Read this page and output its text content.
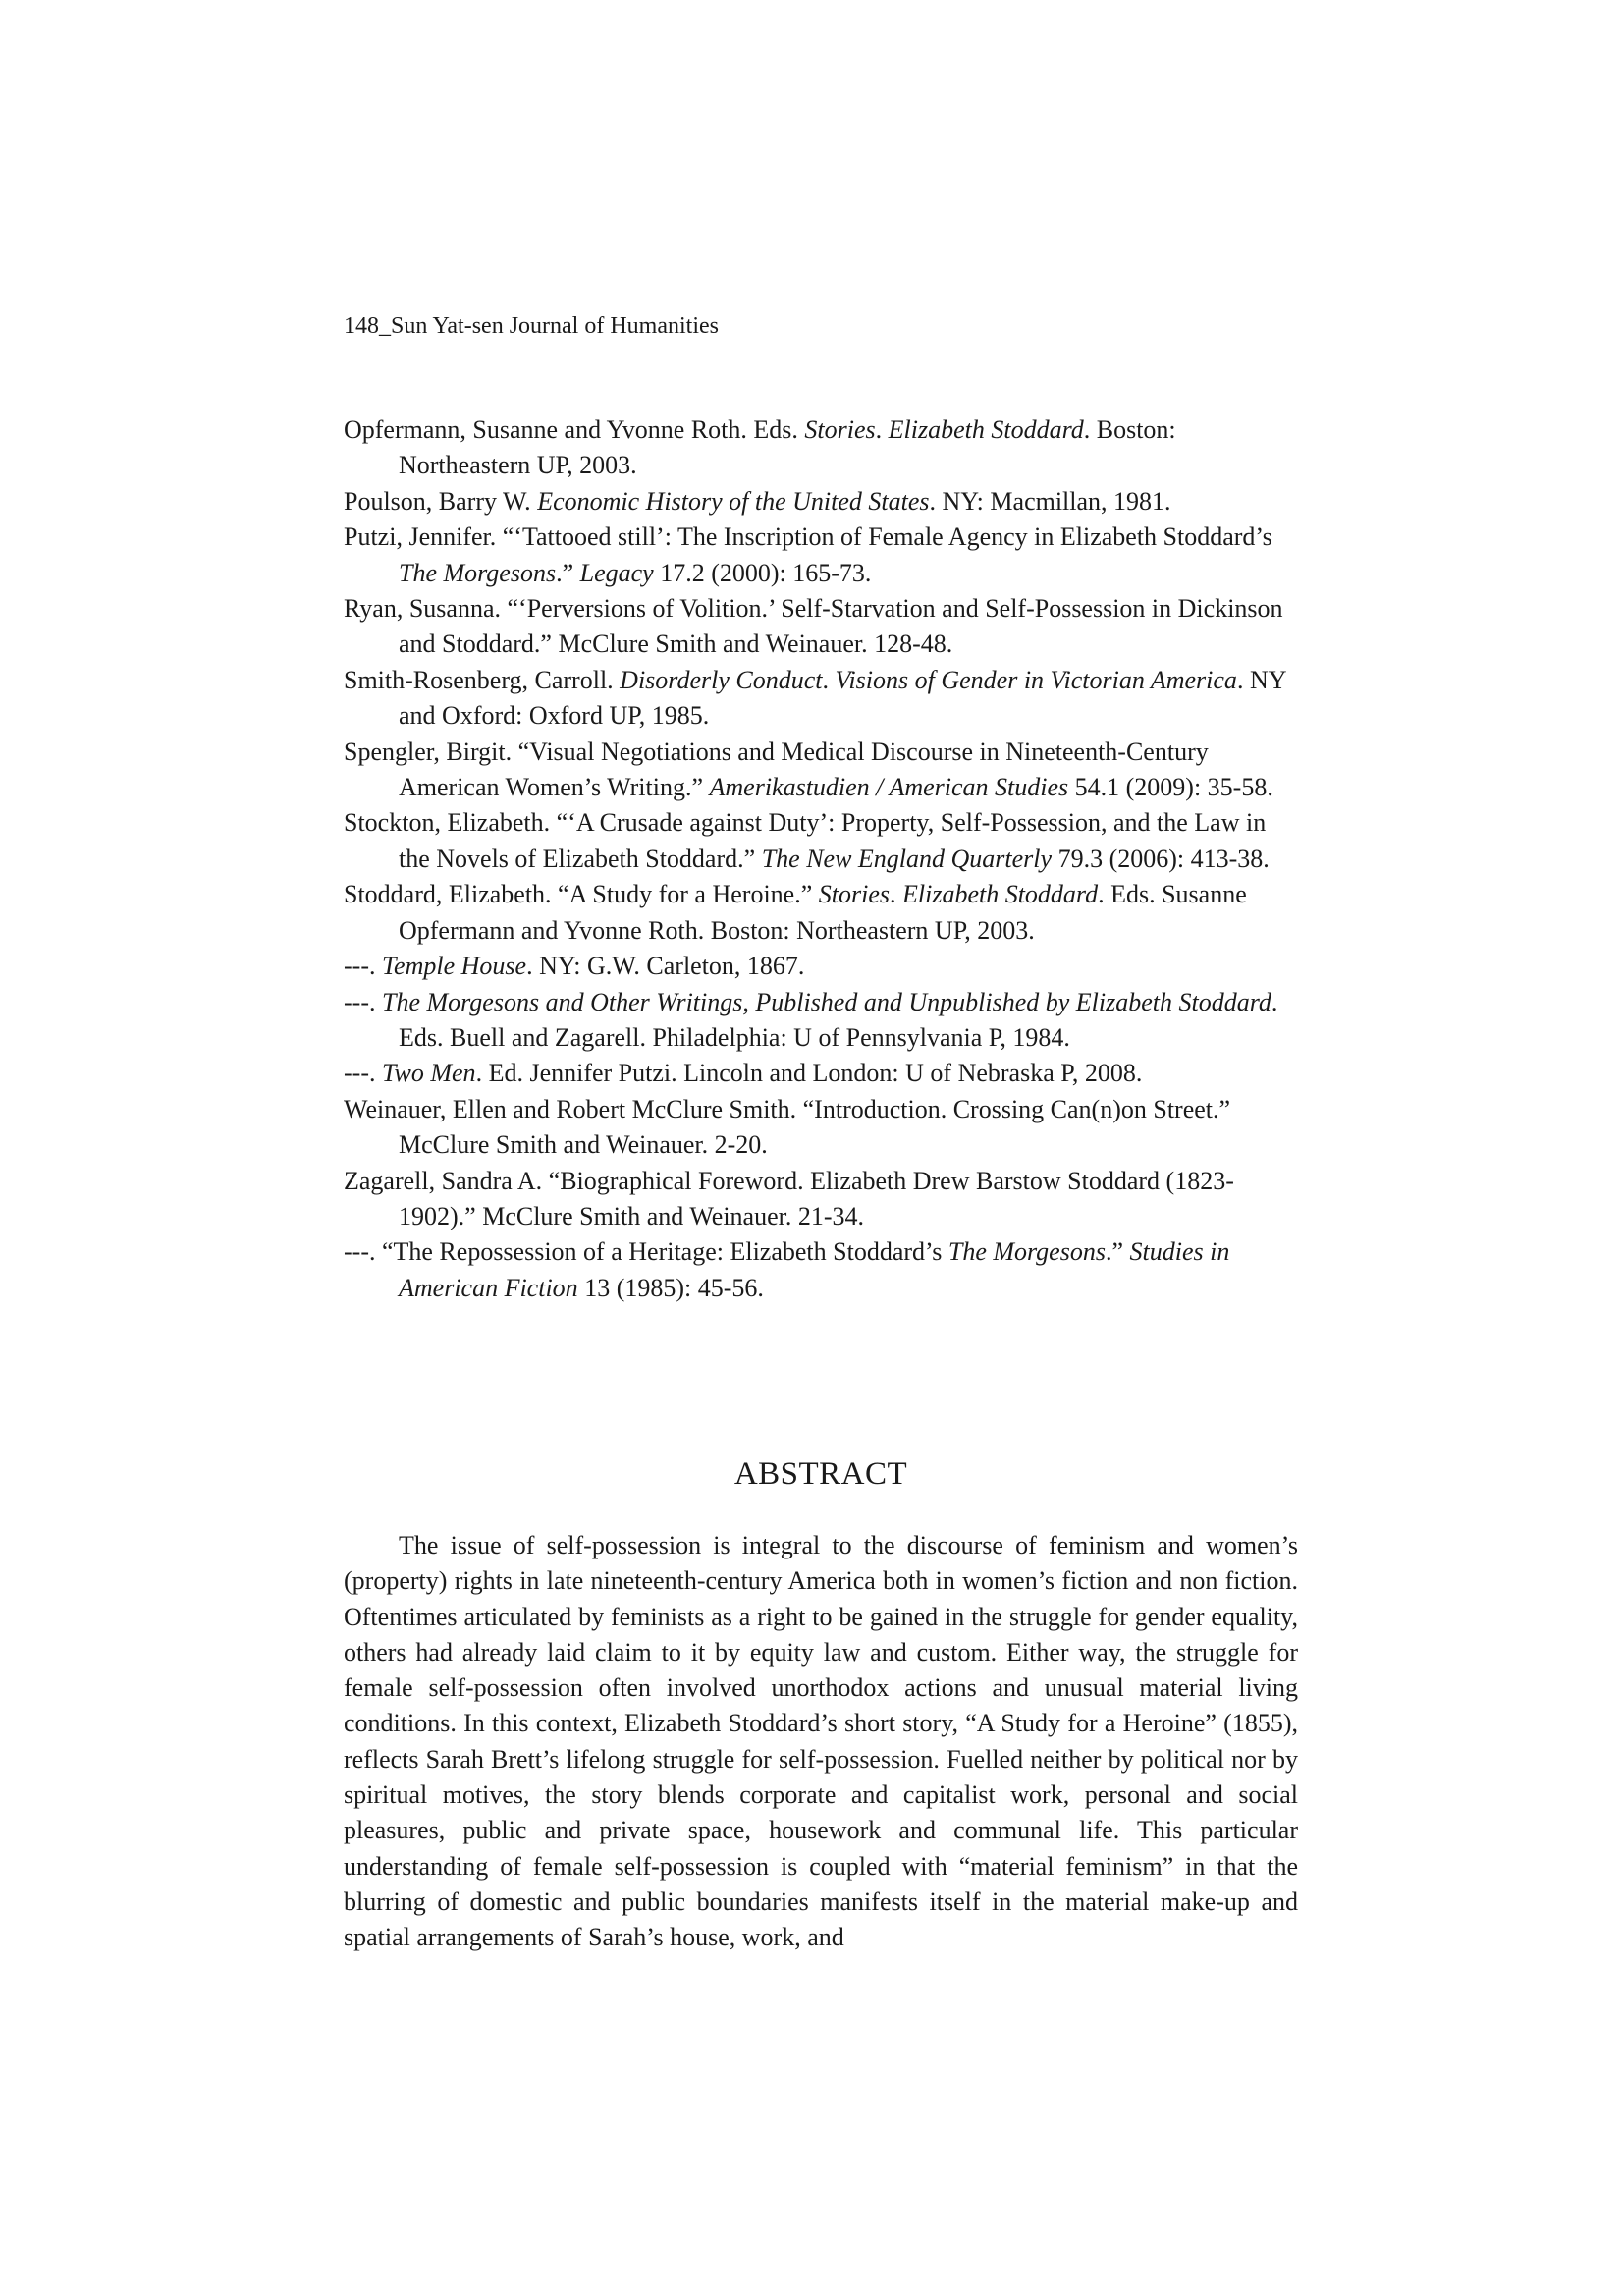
148_Sun Yat-sen Journal of Humanities
Opfermann, Susanne and Yvonne Roth. Eds. Stories. Elizabeth Stoddard. Boston: Northeastern UP, 2003.
Poulson, Barry W. Economic History of the United States. NY: Macmillan, 1981.
Putzi, Jennifer. “‘Tattooed still’: The Inscription of Female Agency in Elizabeth Stoddard’s The Morgesons.” Legacy 17.2 (2000): 165-73.
Ryan, Susanna. “‘Perversions of Volition.’ Self-Starvation and Self-Possession in Dickinson and Stoddard.” McClure Smith and Weinauer. 128-48.
Smith-Rosenberg, Carroll. Disorderly Conduct. Visions of Gender in Victorian America. NY and Oxford: Oxford UP, 1985.
Spengler, Birgit. “Visual Negotiations and Medical Discourse in Nineteenth-Century American Women’s Writing.” Amerikastudien / American Studies 54.1 (2009): 35-58.
Stockton, Elizabeth. “‘A Crusade against Duty’: Property, Self-Possession, and the Law in the Novels of Elizabeth Stoddard.” The New England Quarterly 79.3 (2006): 413-38.
Stoddard, Elizabeth. “A Study for a Heroine.” Stories. Elizabeth Stoddard. Eds. Susanne Opfermann and Yvonne Roth. Boston: Northeastern UP, 2003.
---. Temple House. NY: G.W. Carleton, 1867.
---. The Morgesons and Other Writings, Published and Unpublished by Elizabeth Stoddard. Eds. Buell and Zagarell. Philadelphia: U of Pennsylvania P, 1984.
---. Two Men. Ed. Jennifer Putzi. Lincoln and London: U of Nebraska P, 2008.
Weinauer, Ellen and Robert McClure Smith. “Introduction. Crossing Can(n)on Street.” McClure Smith and Weinauer. 2-20.
Zagarell, Sandra A. “Biographical Foreword. Elizabeth Drew Barstow Stoddard (1823-1902).” McClure Smith and Weinauer. 21-34.
---. “The Repossession of a Heritage: Elizabeth Stoddard’s The Morgesons.” Studies in American Fiction 13 (1985): 45-56.
ABSTRACT

The issue of self-possession is integral to the discourse of feminism and women’s (property) rights in late nineteenth-century America both in women’s fiction and non fiction. Oftentimes articulated by feminists as a right to be gained in the struggle for gender equality, others had already laid claim to it by equity law and custom. Either way, the struggle for female self-possession often involved unorthodox actions and unusual material living conditions. In this context, Elizabeth Stoddard’s short story, “A Study for a Heroine” (1855), reflects Sarah Brett’s lifelong struggle for self-possession. Fuelled neither by political nor by spiritual motives, the story blends corporate and capitalist work, personal and social pleasures, public and private space, housework and communal life. This particular understanding of female self-possession is coupled with “material feminism” in that the blurring of domestic and public boundaries manifests itself in the material make-up and spatial arrangements of Sarah’s house, work, and
